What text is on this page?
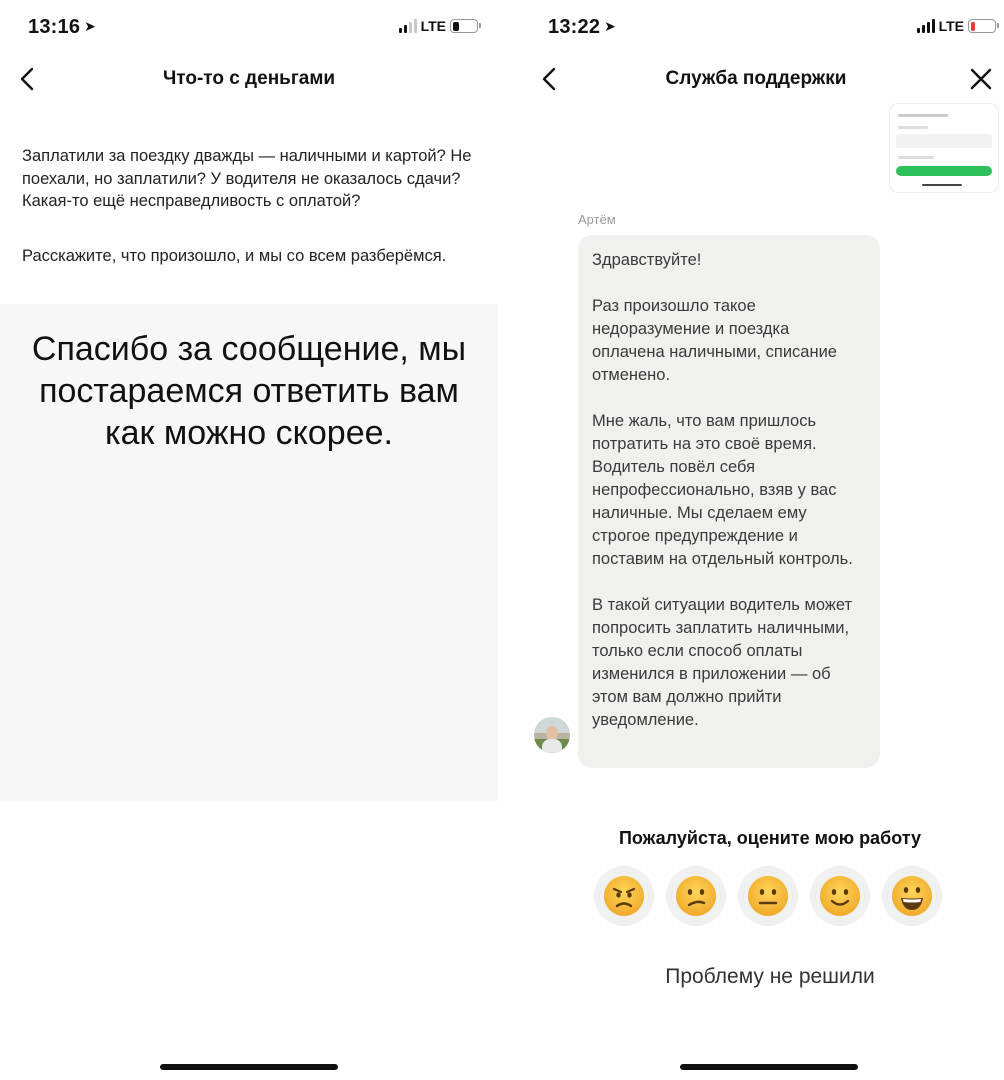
13:16 ➤	LTE
Что-то с деньгами
Заплатили за поездку дважды — наличными и картой? Не поехали, но заплатили? У водителя не оказалось сдачи? Какая-то ещё несправедливость с оплатой?
Расскажите, что произошло, и мы со всем разберёмся.
Спасибо за сообщение, мы постараемся ответить вам как можно скорее.
13:22 ➤	LTE
Служба поддержки
Артём

Здравствуйте!

Раз произошло такое недоразумение и поездка оплачена наличными, списание отменено.

Мне жаль, что вам пришлось потратить на это своё время. Водитель повёл себя непрофессионально, взяв у вас наличные. Мы сделаем ему строгое предупреждение и поставим на отдельный контроль.

В такой ситуации водитель может попросить заплатить наличными, только если способ оплаты изменился в приложении — об этом вам должно прийти уведомление.

Пожалуйста, оцените мою работу
Проблему не решили
